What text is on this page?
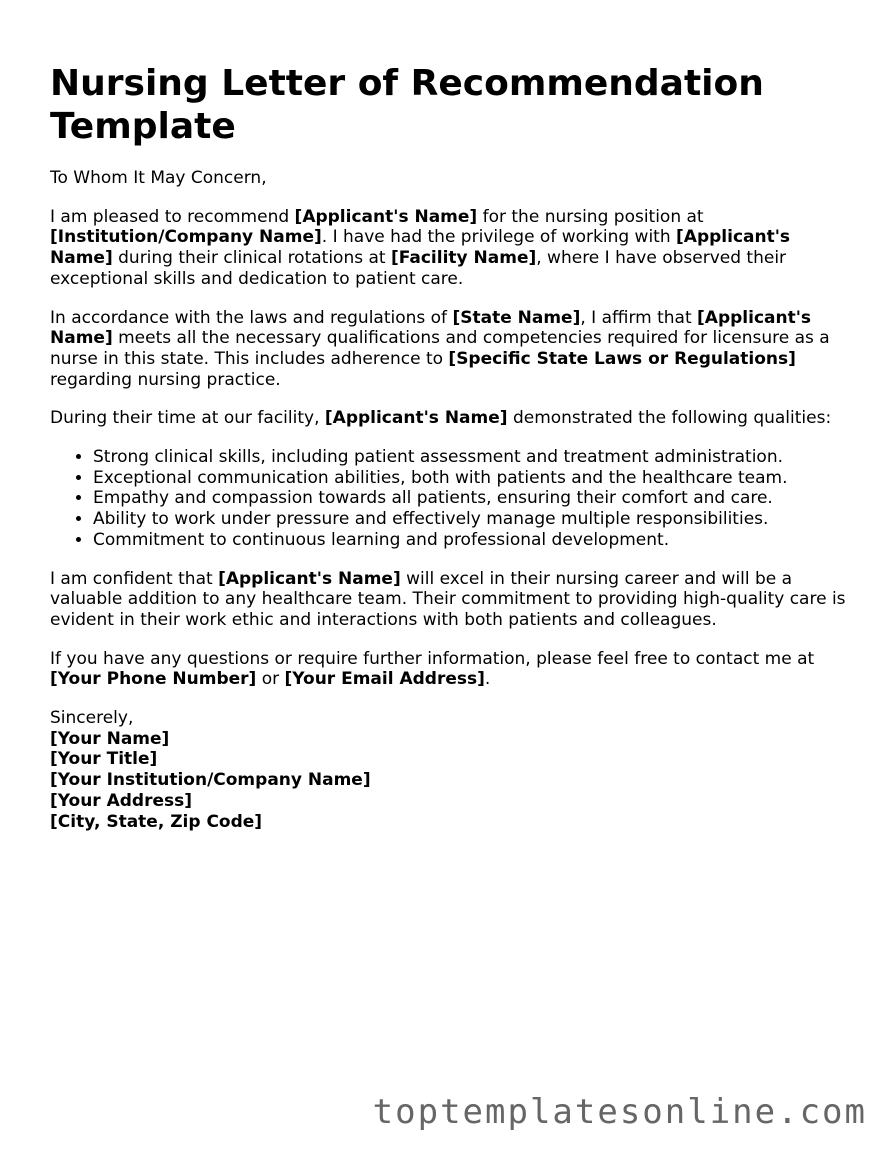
Nursing Letter of Recommendation Template

To Whom It May Concern,

I am pleased to recommend [Applicant's Name] for the nursing position at [Institution/Company Name]. I have had the privilege of working with [Applicant's Name] during their clinical rotations at [Facility Name], where I have observed their exceptional skills and dedication to patient care.

In accordance with the laws and regulations of [State Name], I affirm that [Applicant's Name] meets all the necessary qualifications and competencies required for licensure as a nurse in this state. This includes adherence to [Specific State Laws or Regulations] regarding nursing practice.

During their time at our facility, [Applicant's Name] demonstrated the following qualities:

• Strong clinical skills, including patient assessment and treatment administration.
• Exceptional communication abilities, both with patients and the healthcare team.
• Empathy and compassion towards all patients, ensuring their comfort and care.
• Ability to work under pressure and effectively manage multiple responsibilities.
• Commitment to continuous learning and professional development.

I am confident that [Applicant's Name] will excel in their nursing career and will be a valuable addition to any healthcare team. Their commitment to providing high-quality care is evident in their work ethic and interactions with both patients and colleagues.

If you have any questions or require further information, please feel free to contact me at [Your Phone Number] or [Your Email Address].

Sincerely,
[Your Name]
[Your Title]
[Your Institution/Company Name]
[Your Address]
[City, State, Zip Code]
toptemplatesonline.com
